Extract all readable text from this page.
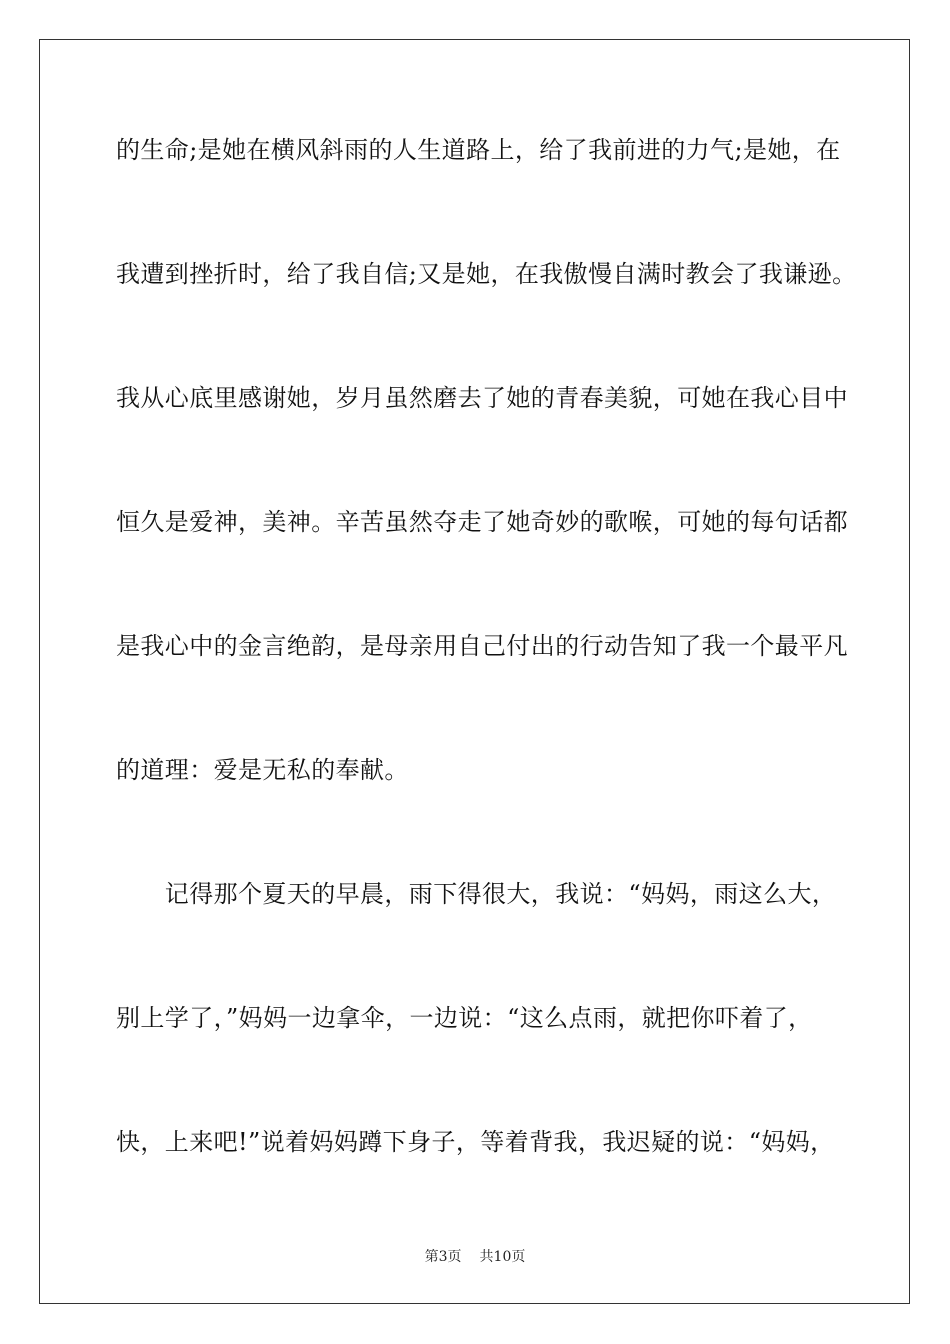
的生命;是她在横风斜雨的人生道路上，给了我前进的力气;是她，在
我遭到挫折时，给了我自信;又是她，在我傲慢自满时教会了我谦逊。
我从心底里感谢她，岁月虽然磨去了她的青春美貌，可她在我心目中
恒久是爱神，美神。辛苦虽然夺走了她奇妙的歌喉，可她的每句话都
是我心中的金言绝韵，是母亲用自己付出的行动告知了我一个最平凡
的道理：爱是无私的奉献。
　　记得那个夏天的早晨，雨下得很大，我说：“妈妈，雨这么大，
别上学了，”妈妈一边拿伞，一边说：“这么点雨，就把你吓着了，
快，上来吧!”说着妈妈蹲下身子，等着背我，我迟疑的说：“妈妈，
第3页 共10页
